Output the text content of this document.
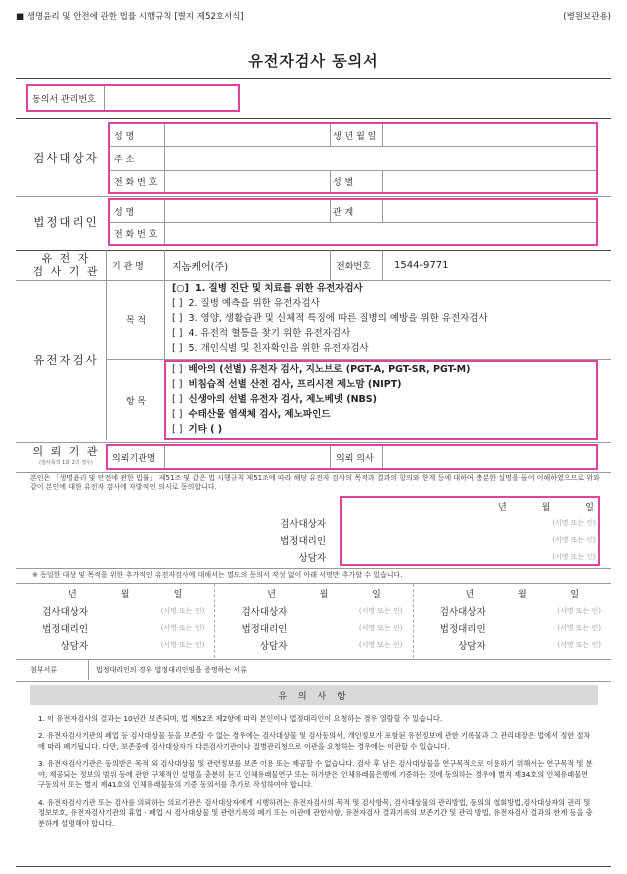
■ 생명윤리 및 안전에 관한 법률 시행규칙 [별지 제52호서식]	(병원보관용)
유전자검사 동의서
동의서 관리번호
검사대상자
성 명	생 년 월 일
주 소
전 화 번 호	성 별
법정대리인
성 명	관 계
전 화 번 호
유 전 자
검 사 기 관	기 관 명	지놈케어(주)	전화번호 1544-9771
유전자검사
목 적
[○] 1. 질병 진단 및 치료를 위한 유전자검사
[ ] 2. 질병 예측을 위한 유전자검사
[ ] 3. 영양, 생활습관 및 신체적 특징에 따른 질병의 예방을 위한 유전자검사
[ ] 4. 유전적 혈통을 찾기 위한 유전자검사
[ ] 5. 개인식별 및 친자확인을 위한 유전자검사
항 목
[ ] 배아의 (선별) 유전자 검사, 지노브로 (PGT-A, PGT-SR, PGT-M)
[ ] 비침습적 선별 산전 검사, 프리시젼 제노맘 (NIPT)
[ ] 신생아의 선별 유전자 검사, 제노베넷 (NBS)
[ ] 수태산물 염색체 검사, 제노파인드
[ ] 기타 ( )
의 뢰 기 관
(검사목적 1와 2의 경우)	의뢰기관명	의뢰 의사
본인은 「생명윤리 및 안전에 관한 법률」 제51조 및 같은 법 시행규칙 제51조에 따라 해당 유전자 검사의 목적과 결과의 항의와 한계 등에 대하여 충분한 설명을 들어 이해하였으므로 위와 같이 본인에 대한 유전자 검사에 자발적인 의사로 동의합니다.
년	월	일
검사대상자	(서명 또는 인)
법정대리인	(서명 또는 인)
상담자	(서명 또는 인)
※ 동일한 대상 및 목적을 위한 추가적인 유전자검사에 대해서는 별도의 동의서 작성 없이 아래 서명만 추가할 수 있습니다.
년	월	일
검사대상자	(서명 또는 인)
법정대리인	(서명 또는 인)
상담자	(서명 또는 인)
년	월	일
검사대상자	(서명 또는 인)
법정대리인	(서명 또는 인)
상담자	(서명 또는 인)
년	월	일
검사대상자	(서명 또는 인)
법정대리인	(서명 또는 인)
상담자	(서명 또는 인)
첨부서류	법정대리인의 경우 법정대리인임을 증명하는 서류
유 의 사 항
1. 이 유전자검사의 결과는 10년간 보존되며, 법 제52조 제2항에 따라 본인이나 법정대리인이 요청하는 경우 열람할 수 있습니다.
2. 유전자검사기관의 폐업 등 검사대상물 등을 보존할 수 없는 경우에는 검사대상물 및 검사동의서, 개인정보가 포함된 유전정보에 관한 기록물과 그 관리대장은 법에서 정한 절차에 따라 폐기됩니다. 다만, 보존중에 검사대상자가 다른검사기관이나 질병관리청으로 이관을 요청하는 경우에는 이관할 수 있습니다.
3. 유전자검사기관은 동의받은 목적 외 검사대상물 및 관련정보를 보존 이용 또는 제공할 수 없습니다. 검사 후 남은 검사대상물을 연구목적으로 이용하기 위해서는 연구목적 및 분야, 제공되는 정보의 범위 등에 관한 구체적인 설명을 충분히 듣고 인체유래물연구 또는 허가받은 인체유래물은행에 기증하는 것에 동의하는 경우에 별지 제34호의 인체유래물연구동의서 또는 별지 제41호의 인체유래물등의 기증 동의서를 추가로 작성하여야 합니다.
4. 유전자검사기관 또는 검사를 의뢰하는 의료기관은 검사대상자에게 시행하려는 유전자검사의 목적 및 검사항목, 검사대상물의 관리방법, 동의의 철회방법,검사대상자의 권리 및 정보보호, 유전자검사기관의 휴업 · 폐업 시 검사대상물 및 관련기록의 폐기 또는 이관에 관한사항, 유전자검사 결과기록의 보존기간 및 관리 방법, 유전자검사 결과의 한계 등을 충분하게 설명해야 합니다.
